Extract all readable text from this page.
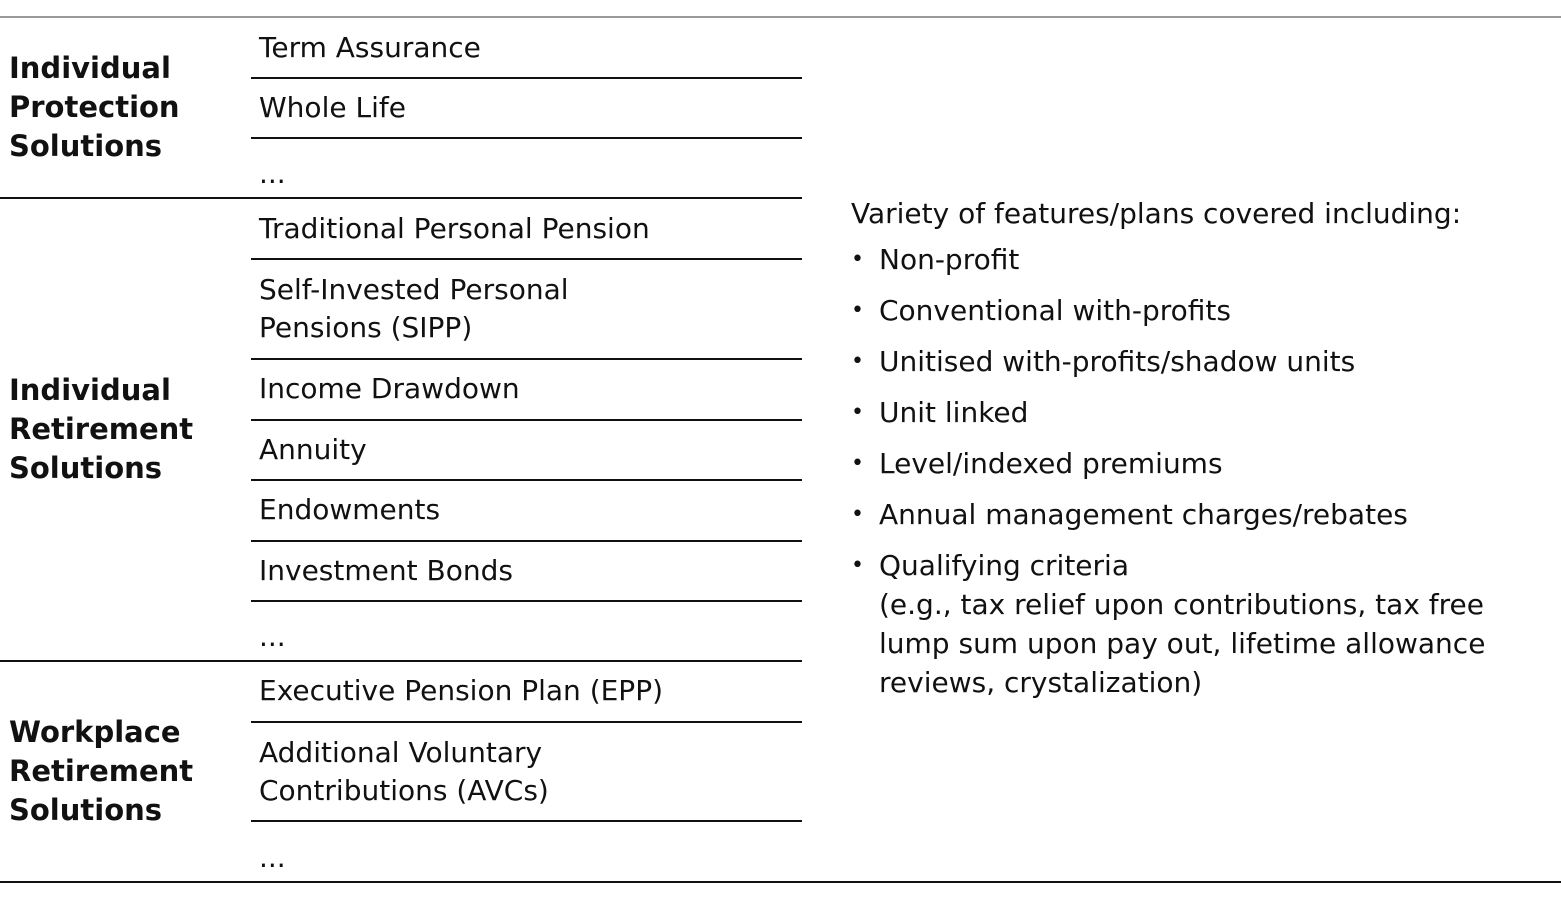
Individual
Protection
Solutions
Term Assurance
Whole Life
...
Individual
Retirement
Solutions
Traditional Personal Pension
Self-Invested Personal
Pensions (SIPP)
Income Drawdown
Annuity
Endowments
Investment Bonds
...
Workplace
Retirement
Solutions
Executive Pension Plan (EPP)
Additional Voluntary
Contributions (AVCs)
...
Variety of features/plans covered including:
• Non-profit
• Conventional with-profits
• Unitised with-profits/shadow units
• Unit linked
• Level/indexed premiums
• Annual management charges/rebates
• Qualifying criteria
(e.g., tax relief upon contributions, tax free lump sum upon pay out, lifetime allowance reviews, crystalization)
